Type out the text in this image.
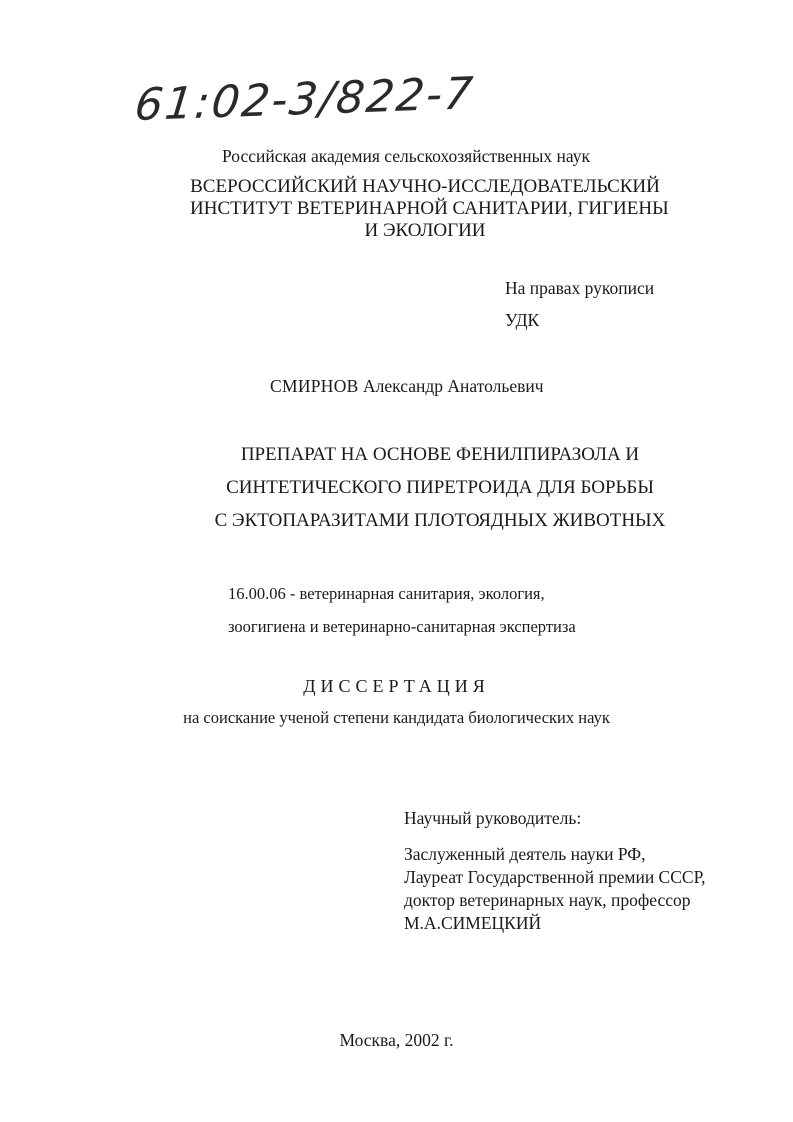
61:02-3/822-7
Российская академия сельскохозяйственных наук
ВСЕРОССИЙСКИЙ НАУЧНО-ИССЛЕДОВАТЕЛЬСКИЙ
ИНСТИТУТ ВЕТЕРИНАРНОЙ САНИТАРИИ, ГИГИЕНЫ
И ЭКОЛОГИИ
На правах рукописи
УДК
СМИРНОВ Александр Анатольевич
ПРЕПАРАТ НА ОСНОВЕ ФЕНИЛПИРАЗОЛА И
СИНТЕТИЧЕСКОГО ПИРЕТРОИДА ДЛЯ БОРЬБЫ
С ЭКТОПАРАЗИТАМИ ПЛОТОЯДНЫХ ЖИВОТНЫХ
16.00.06 - ветеринарная санитария, экология,
зоогигиена и ветеринарно-санитарная экспертиза
ДИССЕРТАЦИЯ
на соискание ученой степени кандидата биологических наук
Научный руководитель:
Заслуженный деятель науки РФ,
Лауреат Государственной премии СССР,
доктор ветеринарных наук, профессор
М.А.СИМЕЦКИЙ
Москва, 2002 г.
